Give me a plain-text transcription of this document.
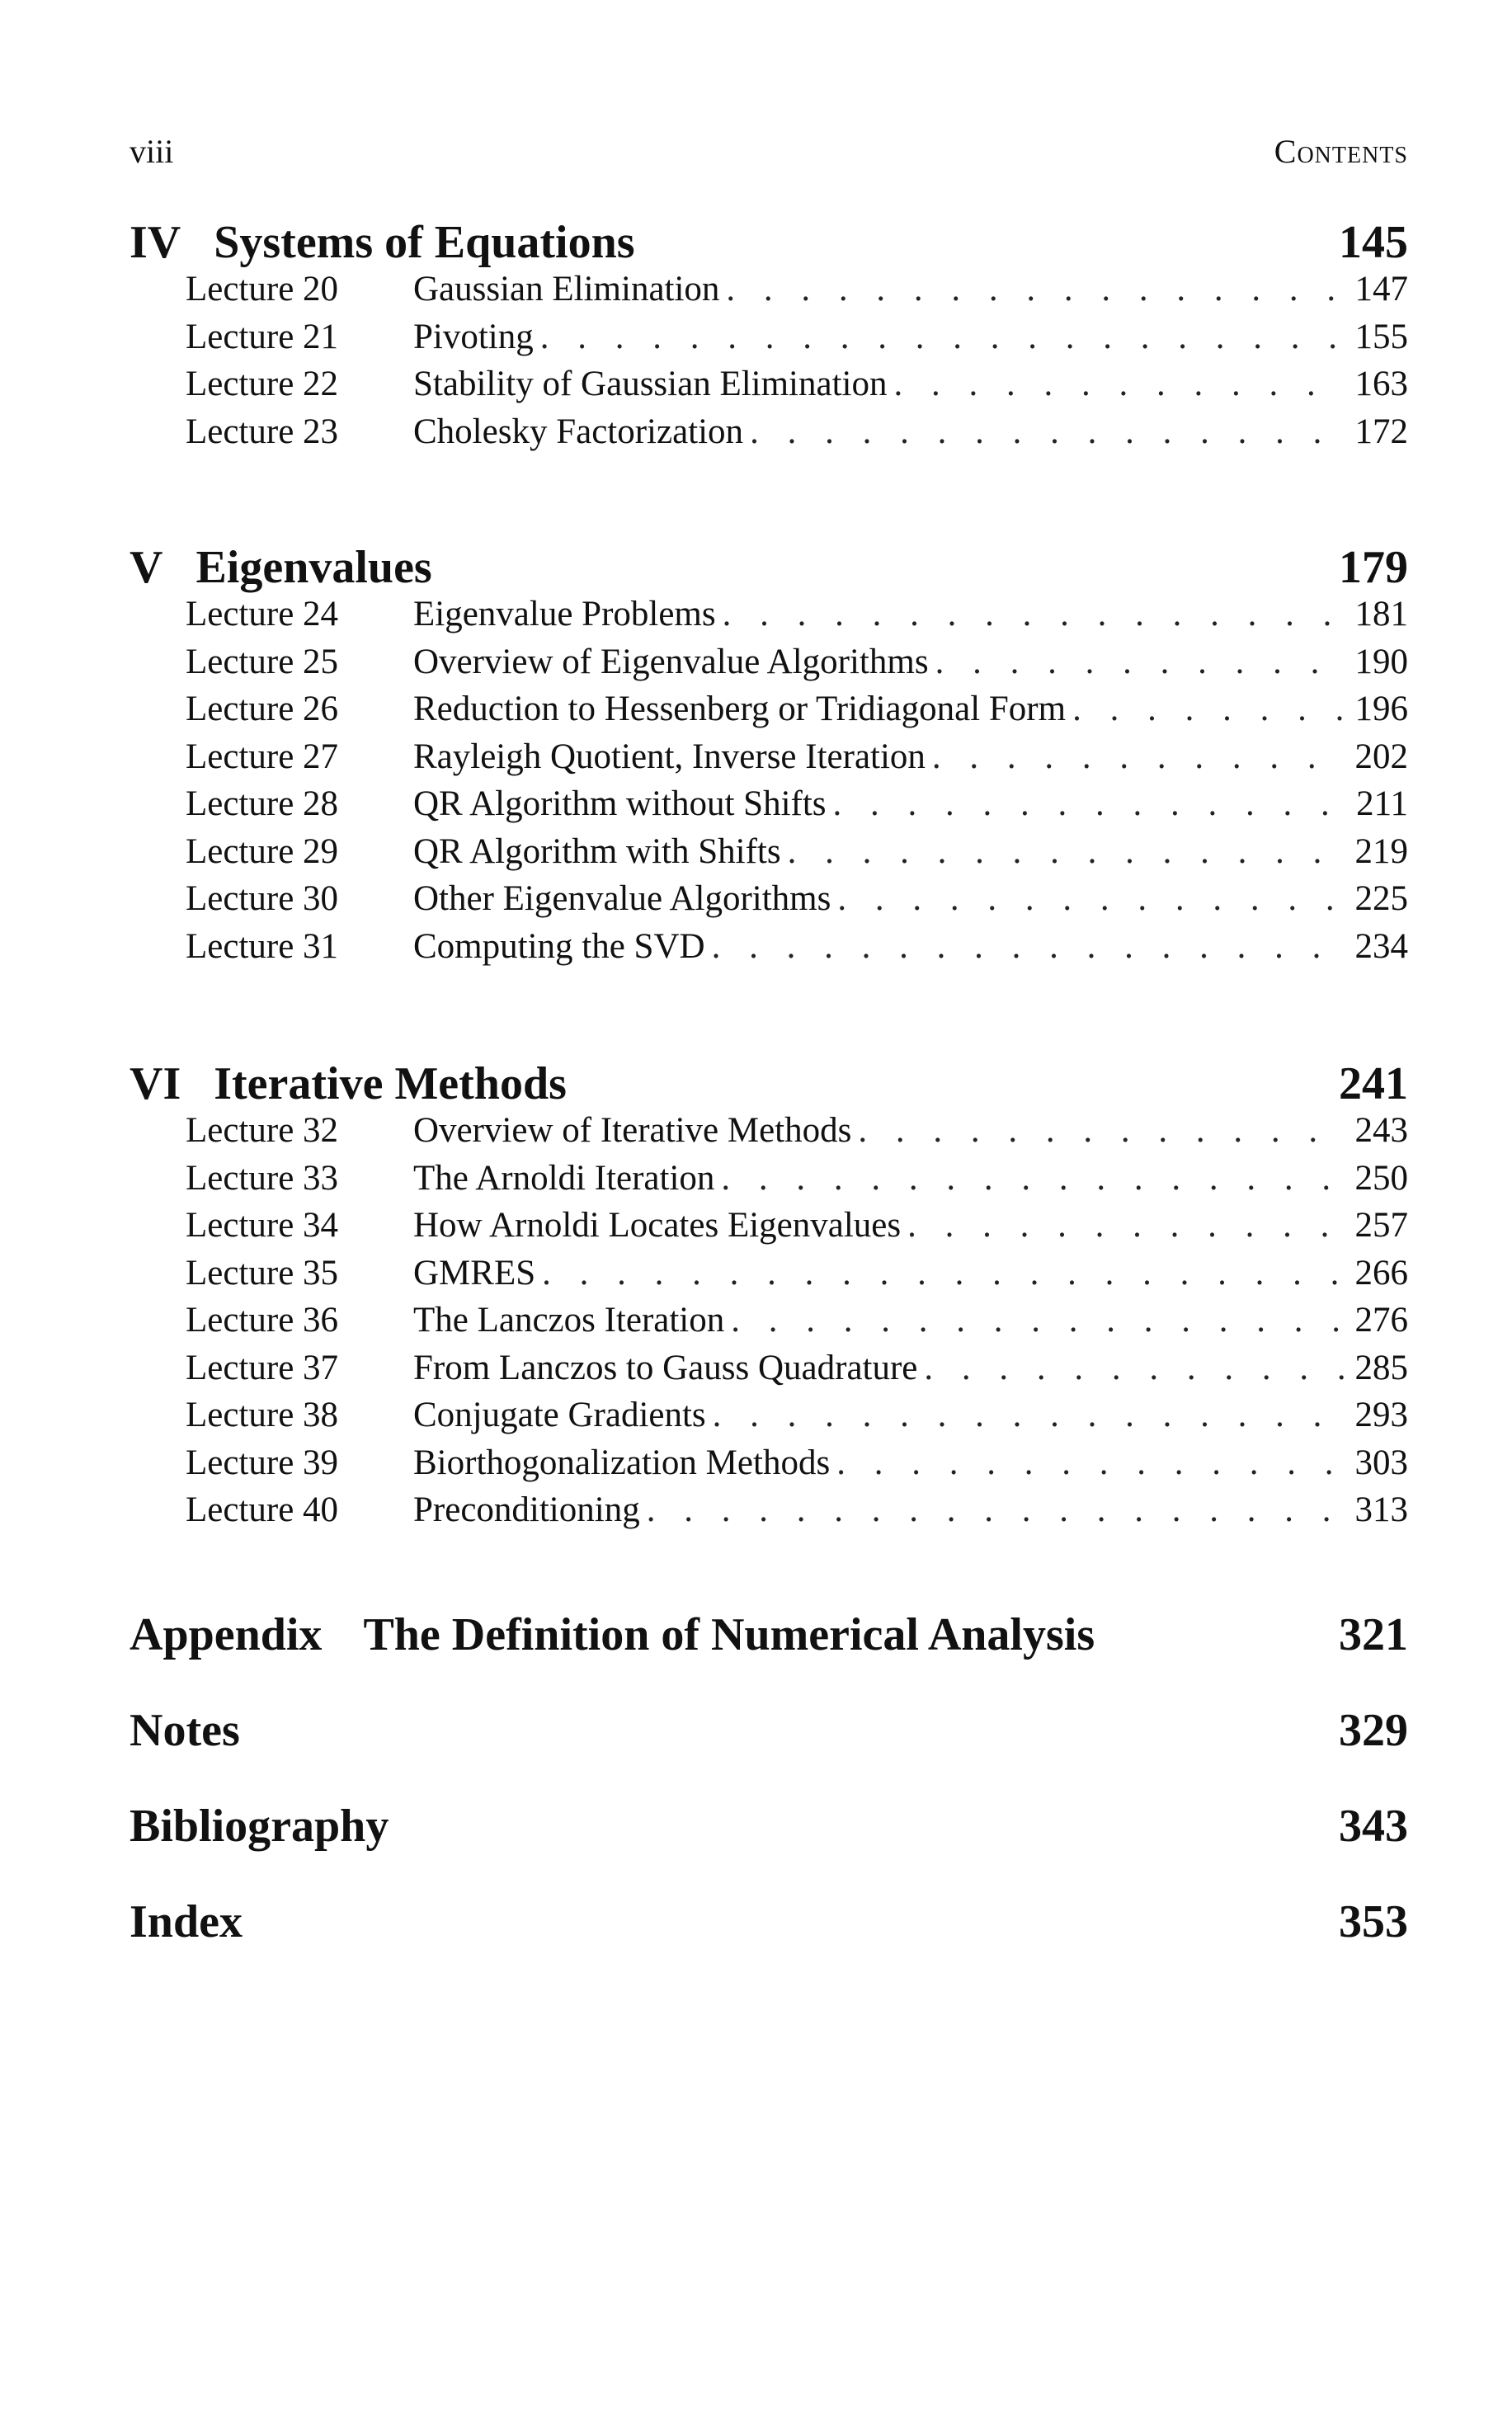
viii	Contents
IV Systems of Equations	145
Lecture 20	Gaussian Elimination . . .	147
Lecture 21	Pivoting . . .	155
Lecture 22	Stability of Gaussian Elimination . . .	163
Lecture 23	Cholesky Factorization . . .	172
V Eigenvalues	179
Lecture 24	Eigenvalue Problems . . .	181
Lecture 25	Overview of Eigenvalue Algorithms . . .	190
Lecture 26	Reduction to Hessenberg or Tridiagonal Form . . .	196
Lecture 27	Rayleigh Quotient, Inverse Iteration . . .	202
Lecture 28	QR Algorithm without Shifts . . .	211
Lecture 29	QR Algorithm with Shifts . . .	219
Lecture 30	Other Eigenvalue Algorithms . . .	225
Lecture 31	Computing the SVD . . .	234
VI Iterative Methods	241
Lecture 32	Overview of Iterative Methods . . .	243
Lecture 33	The Arnoldi Iteration . . .	250
Lecture 34	How Arnoldi Locates Eigenvalues . . .	257
Lecture 35	GMRES . . .	266
Lecture 36	The Lanczos Iteration . . .	276
Lecture 37	From Lanczos to Gauss Quadrature . . .	285
Lecture 38	Conjugate Gradients . . .	293
Lecture 39	Biorthogonalization Methods . . .	303
Lecture 40	Preconditioning . . .	313
Appendix The Definition of Numerical Analysis	321
Notes	329
Bibliography	343
Index	353
